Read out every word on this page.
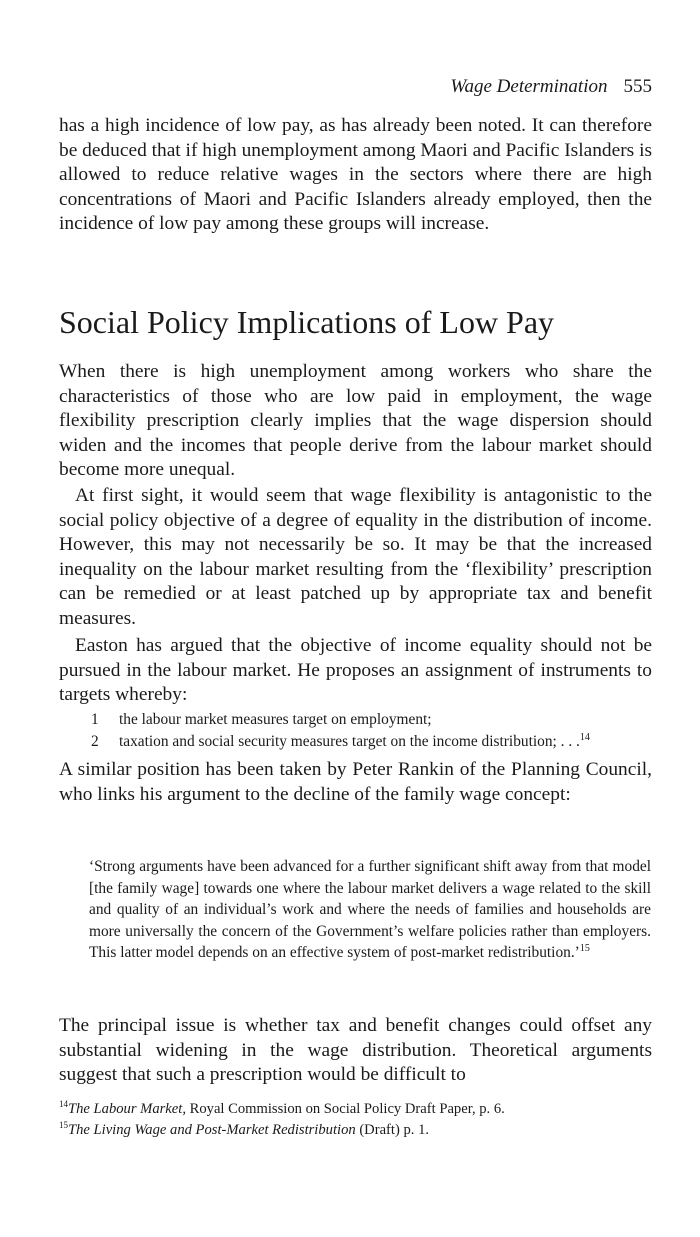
Wage Determination 555

has a high incidence of low pay, as has already been noted. It can therefore be deduced that if high unemployment among Maori and Pacific Islanders is allowed to reduce relative wages in the sectors where there are high concentrations of Maori and Pacific Islanders already employed, then the incidence of low pay among these groups will increase.

Social Policy Implications of Low Pay

When there is high unemployment among workers who share the characteristics of those who are low paid in employment, the wage flexibility prescription clearly implies that the wage dispersion should widen and the incomes that people derive from the labour market should become more unequal.

At first sight, it would seem that wage flexibility is antagonistic to the social policy objective of a degree of equality in the distribution of income. However, this may not necessarily be so. It may be that the increased inequality on the labour market resulting from the ‘flexibility’ prescription can be remedied or at least patched up by appropriate tax and benefit measures.

Easton has argued that the objective of income equality should not be pursued in the labour market. He proposes an assignment of instruments to targets whereby:

1 the labour market measures target on employment;
2 taxation and social security measures target on the income distribution; . . .$^{14}$

A similar position has been taken by Peter Rankin of the Planning Council, who links his argument to the decline of the family wage concept:

‘Strong arguments have been advanced for a further significant shift away from that model [the family wage] towards one where the labour market delivers a wage related to the skill and quality of an individual’s work and where the needs of families and households are more universally the concern of the Government’s welfare policies rather than employers. This latter model depends on an effective system of post-market redistribution.’$^{15}$

The principal issue is whether tax and benefit changes could offset any substantial widening in the wage distribution. Theoretical arguments suggest that such a prescription would be difficult to

$^{14}$The Labour Market, Royal Commission on Social Policy Draft Paper, p. 6.

$^{15}$The Living Wage and Post-Market Redistribution (Draft) p. 1.
